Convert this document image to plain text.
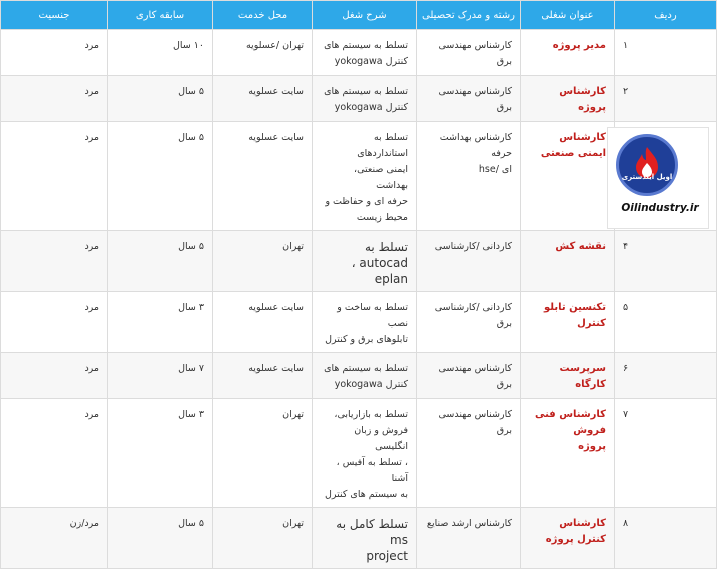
ردیف	عنوان شغلی	رشته و مدرک تحصیلی	شرح شغل	محل خدمت	سابقه کاری	جنسیت
۱	مدیر پروژه	کارشناس مهندسی برق	تسلط به سیستم های
کنترل yokogawa	تهران /عسلویه	۱۰ سال	مرد
۲	کارشناس پروژه	کارشناس مهندسی برق	تسلط به سیستم های
کنترل yokogawa	سایت عسلویه	۵ سال	مرد
	کارشناس ایمنی صنعتی	کارشناس بهداشت حرفه
ای /hse	تسلط به استانداردهای
ایمنی صنعتی، بهداشت
حرفه ای و حفاظت و
محیط زیست	سایت عسلویه	۵ سال	مرد
۴	نقشه کش	کاردانی /کارشناسی	تسلط به autocad ،
eplan	تهران	۵ سال	مرد
۵	تکنسین تابلو کنترل	کاردانی /کارشناسی برق	تسلط به ساخت و نصب
تابلوهای برق و کنترل	سایت عسلویه	۳ سال	مرد
۶	سرپرست کارگاه	کارشناس مهندسی برق	تسلط به سیستم های
کنترل yokogawa	سایت عسلویه	۷ سال	مرد
۷	کارشناس فنی فروش
پروژه	کارشناس مهندسی برق	تسلط به بازاریابی،
فروش و زبان انگلیسی
، تسلط به آفیس ، آشنا
به سیستم های کنترل	تهران	۳ سال	مرد
۸	کارشناس کنترل پروژه	کارشناس ارشد صنایع	تسلط کامل به ms
project	تهران	۵ سال	مرد/زن
اویل ایندستری
Oilindustry.ir
